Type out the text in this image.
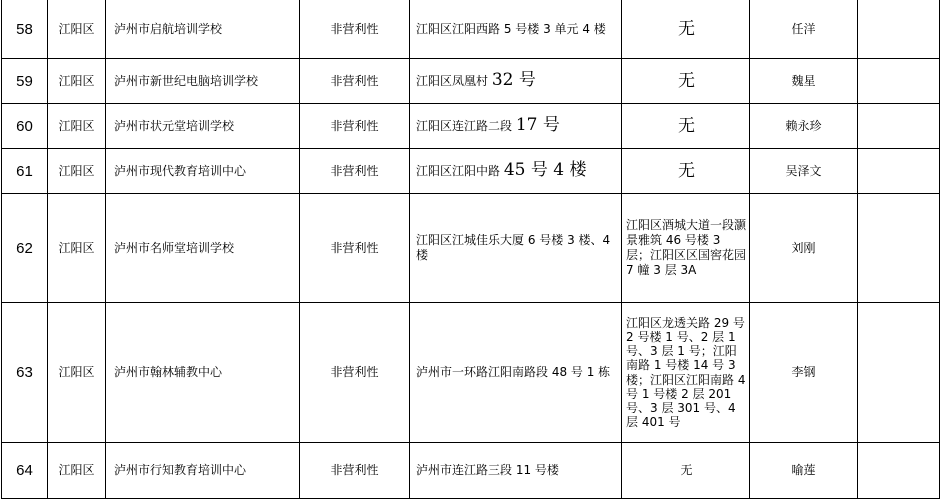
58	江阳区	泸州市启航培训学校	非营利性	江阳区江阳西路 5 号楼 3 单元 4 楼	无	任洋	
59	江阳区	泸州市新世纪电脑培训学校	非营利性	江阳区凤凰村 32 号	无	魏星	
60	江阳区	泸州市状元堂培训学校	非营利性	江阳区连江路二段 17 号	无	赖永珍	
61	江阳区	泸州市现代教育培训中心	非营利性	江阳区江阳中路 45 号 4 楼	无	吴泽文	
62	江阳区	泸州市名师堂培训学校	非营利性	江阳区江城佳乐大厦 6 号楼 3 楼、4 楼	江阳区酒城大道一段灏景雅筑 46 号楼 3 层；江阳区区国窖花园 7 幢 3 层 3A	刘刚	
63	江阳区	泸州市翰林辅教中心	非营利性	泸州市一环路江阳南路段 48 号 1 栋	江阳区龙透关路 29 号 2 号楼 1 号、2 层 1 号、3 层 1 号；江阳南路 1 号楼 14 号 3 楼；江阳区江阳南路 4 号 1 号楼 2 层 201 号、3 层 301 号、4 层 401 号	李钢	
64	江阳区	泸州市行知教育培训中心	非营利性	泸州市连江路三段 11 号楼	无	喻莲	
